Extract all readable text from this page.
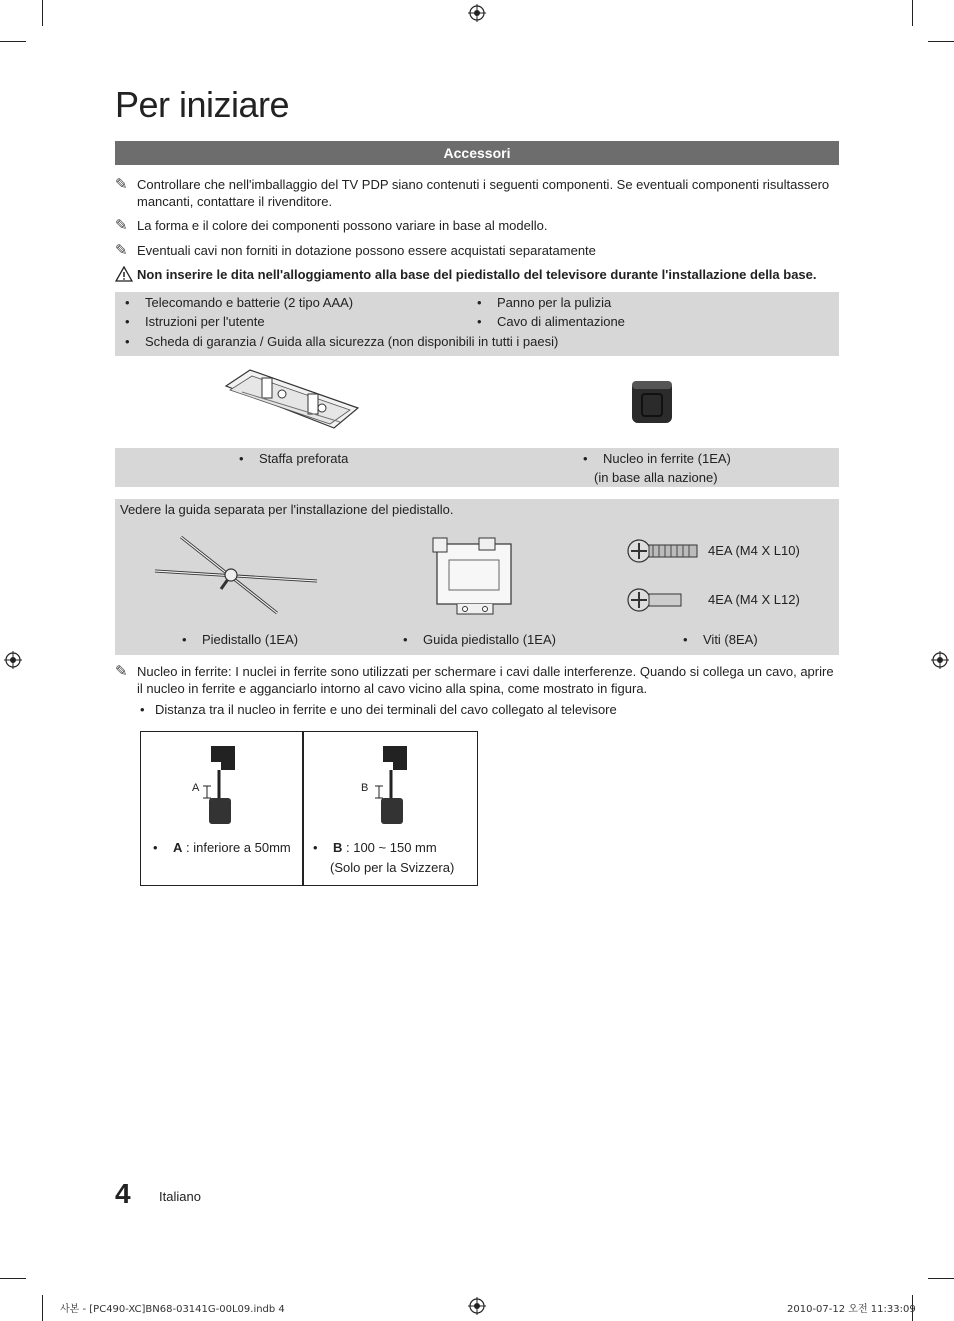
Per iniziare
Accessori
✎ Controllare che nell'imballaggio del TV PDP siano contenuti i seguenti componenti. Se eventuali componenti risultassero mancanti, contattare il rivenditore.
✎ La forma e il colore dei componenti possono variare in base al modello.
✎ Eventuali cavi non forniti in dotazione possono essere acquistati separatamente
Non inserire le dita nell'alloggiamento alla base del piedistallo del televisore durante l'installazione della base.
• Telecomando e batterie (2 tipo AAA)	• Panno per la pulizia
• Istruzioni per l'utente	• Cavo di alimentazione
• Scheda di garanzia / Guida alla sicurezza (non disponibili in tutti i paesi)
• Staffa preforata	• Nucleo in ferrite (1EA)
(in base alla nazione)
Vedere la guida separata per l'installazione del piedistallo.
4EA (M4 X L10)
4EA (M4 X L12)
• Piedistallo (1EA)	• Guida piedistallo (1EA)	• Viti (8EA)
✎ Nucleo in ferrite: I nuclei in ferrite sono utilizzati per schermare i cavi dalle interferenze. Quando si collega un cavo, aprire il nucleo in ferrite e agganciarlo intorno al cavo vicino alla spina, come mostrato in figura.
• Distanza tra il nucleo in ferrite e uno dei terminali del cavo collegato al televisore
A
• A : inferiore a 50mm
B
• B : 100 ~ 150 mm
(Solo per la Svizzera)
4 Italiano
사본 - [PC490-XC]BN68-03141G-00L09.indb 4	2010-07-12 오전 11:33:09
